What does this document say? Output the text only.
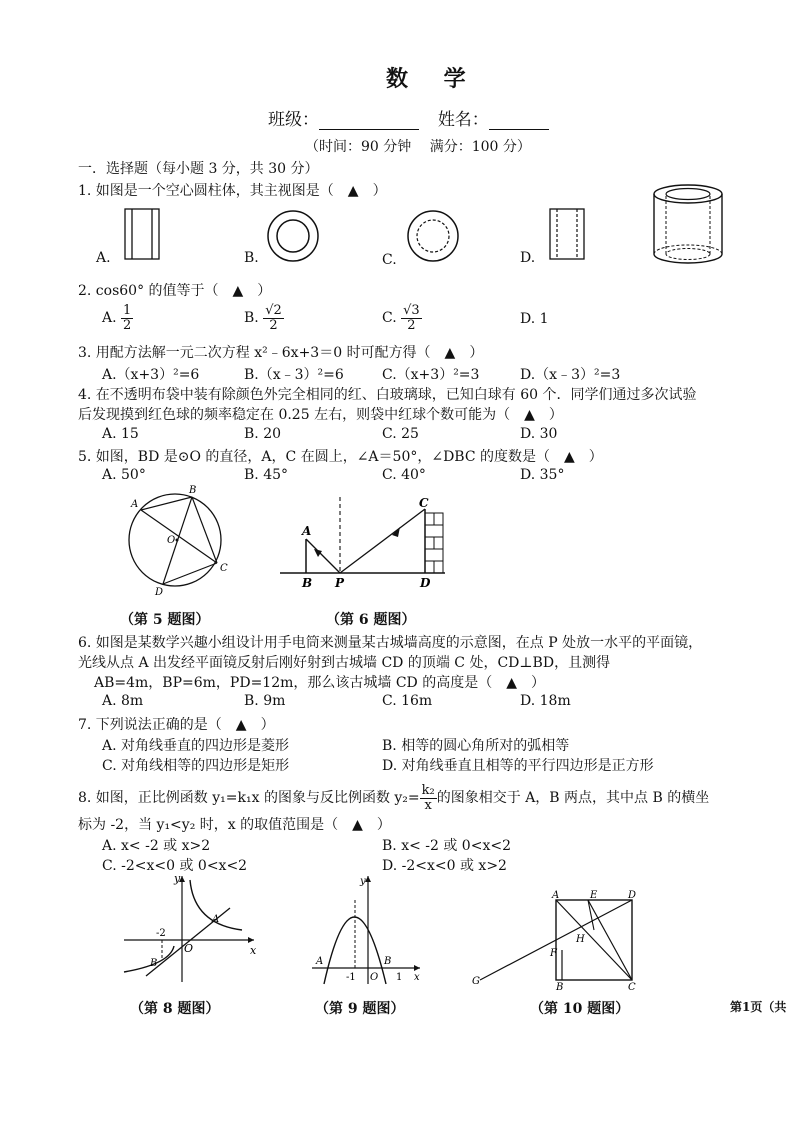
数 学
班级：	姓名：
（时间：90 分钟　 满分：100 分）
一．选择题（每小题 3 分，共 30 分）
1. 如图是一个空心圆柱体，其主视图是（　▲　）
A.	B.	C.	D.
2. cos60° 的值等于（　▲　）
A. $\frac{1}{2}$	B. $\frac{√2}{2}$	C. $\frac{√3}{2}$	D. 1
3. 用配方法解一元二次方程 x²﹣6x+3＝0 时可配方得（　▲　）
A.（x+3）²=6	B.（x﹣3）²=6	C.（x+3）²=3	D.（x﹣3）²=3
4. 在不透明布袋中装有除颜色外完全相同的红、白玻璃球，已知白球有 60 个．同学们通过多次试验
后发现摸到红色球的频率稳定在 0.25 左右，则袋中红球个数可能为（　▲　）
A. 15	B. 20	C. 25	D. 30
5. 如图，BD 是⊙O 的直径，A，C 在圆上，∠A＝50°，∠DBC 的度数是（　▲　）
A. 50°	B. 45°	C. 40°	D. 35°
A
B
O
C
D
A
B P
C
D
（第 5 题图）	（第 6 题图）
6. 如图是某数学兴趣小组设计用手电筒来测量某古城墙高度的示意图，在点 P 处放一水平的平面镜，
光线从点 A 出发经平面镜反射后刚好射到古城墙 CD 的顶端 C 处，CD⊥BD，且测得
AB=4m，BP=6m，PD=12m，那么该古城墙 CD 的高度是（　▲　）
A. 8m	B. 9m	C. 16m	D. 18m
7. 下列说法正确的是（　▲　）
A. 对角线垂直的四边形是菱形	B. 相等的圆心角所对的弧相等
C. 对角线相等的四边形是矩形	D. 对角线垂直且相等的平行四边形是正方形
8. 如图，正比例函数 y₁=k₁x 的图象与反比例函数 $y_2= \frac{\text{k₂}}{x}$ 的图象相交于 A，B 两点，其中点 B 的横坐
标为 -2，当 y₁<y₂ 时，x 的取值范围是（　▲　）
A. x< -2 或 x>2	B. x< -2 或 0<x<2
C. -2<x<0 或 0<x<2	D. -2<x<0 或 x>2
y
x
O
-2
A
B
y
x
A	B
-1 O 1
A	E	D
H
F
G
B	C
（第 8 题图）	（第 9 题图）	（第 10 题图）	第1页（共
